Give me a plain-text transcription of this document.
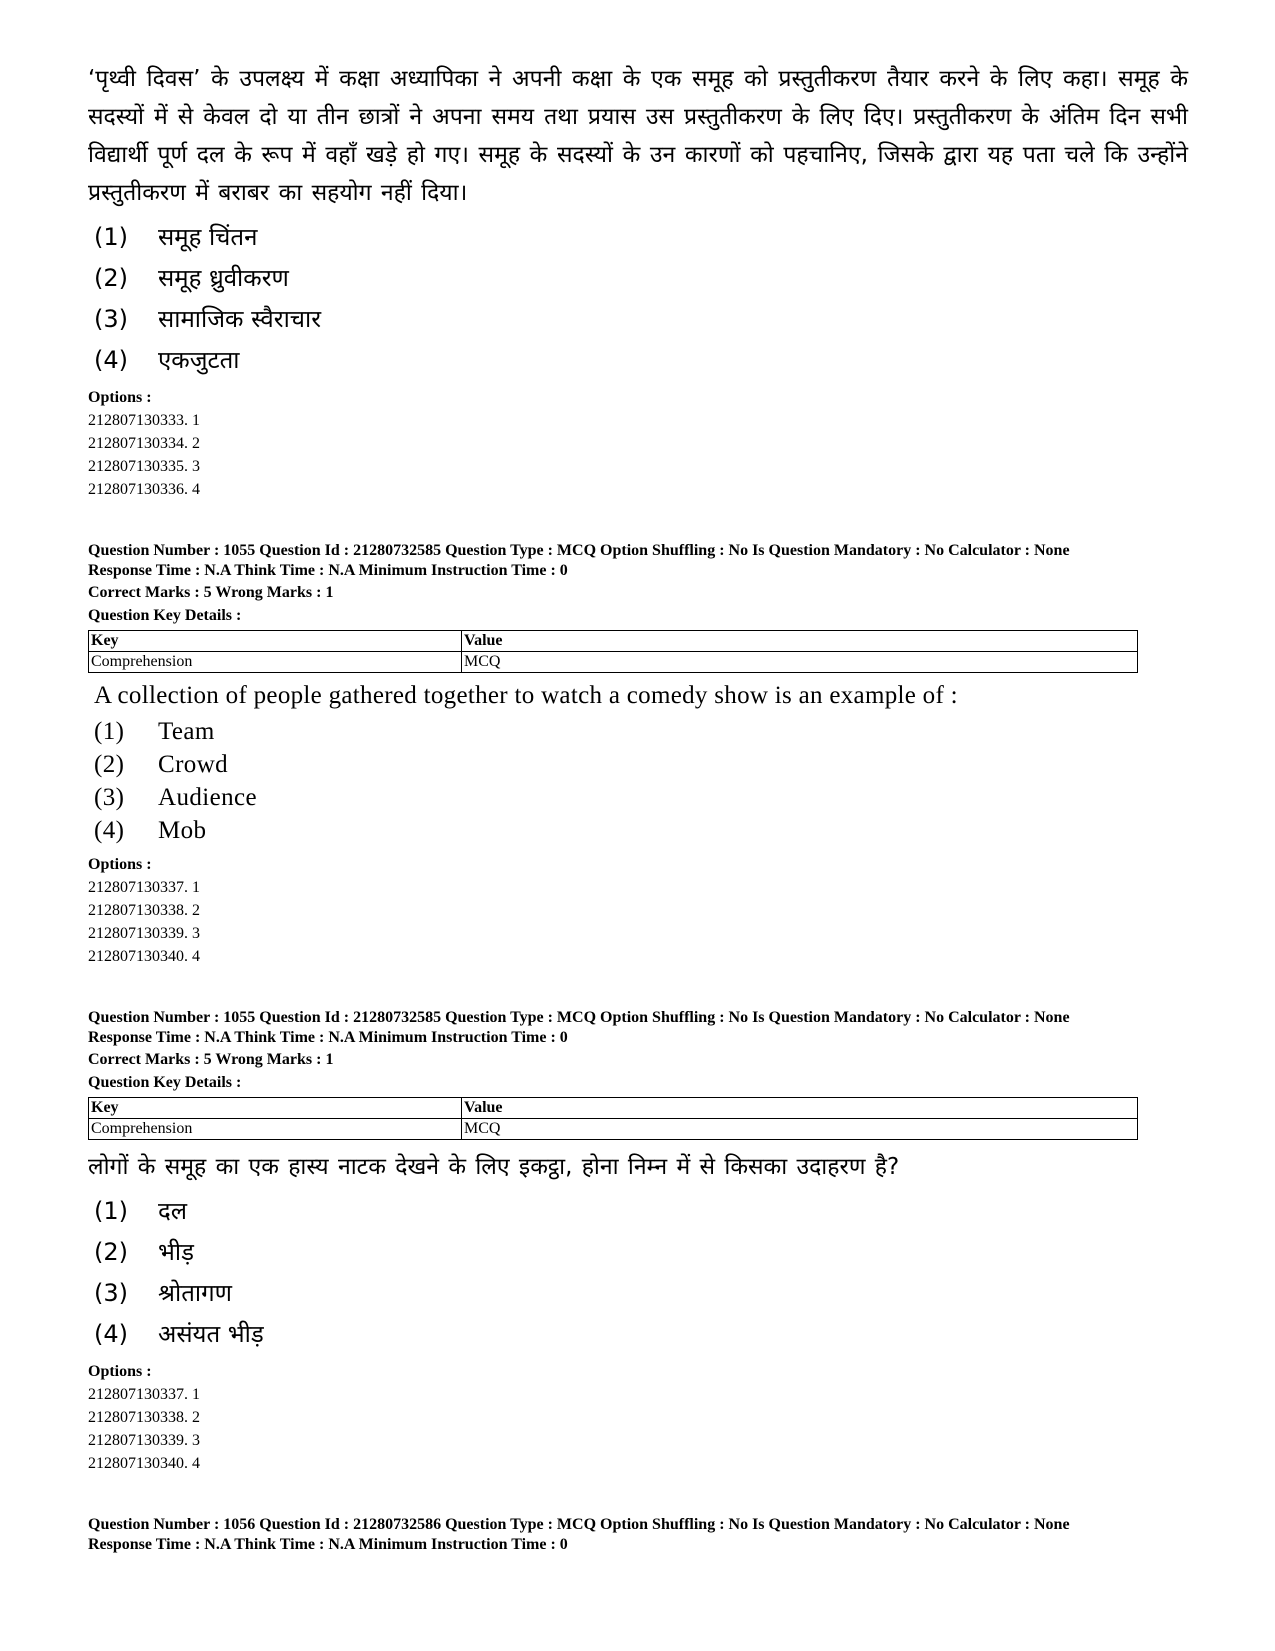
‘पृथ्वी दिवस’ के उपलक्ष्य में कक्षा अध्यापिका ने अपनी कक्षा के एक समूह को प्रस्तुतीकरण तैयार करने के लिए कहा। समूह के सदस्यों में से केवल दो या तीन छात्रों ने अपना समय तथा प्रयास उस प्रस्तुतीकरण के लिए दिए। प्रस्तुतीकरण के अंतिम दिन सभी विद्यार्थी पूर्ण दल के रूप में वहाँ खड़े हो गए। समूह के सदस्यों के उन कारणों को पहचानिए, जिसके द्वारा यह पता चले कि उन्होंने प्रस्तुतीकरण में बराबर का सहयोग नहीं दिया।

(1)	समूह चिंतन
(2)	समूह ध्रुवीकरण
(3)	सामाजिक स्वैराचार
(4)	एकजुटता
Options :
212807130333. 1
212807130334. 2
212807130335. 3
212807130336. 4
Question Number : 1055 Question Id : 21280732585 Question Type : MCQ Option Shuffling : No Is Question Mandatory : No Calculator : None
Response Time : N.A Think Time : N.A Minimum Instruction Time : 0
Correct Marks : 5 Wrong Marks : 1
Question Key Details :
Key	Value
Comprehension	MCQ
A collection of people gathered together to watch a comedy show is an example of :
(1)	Team
(2)	Crowd
(3)	Audience
(4)	Mob
Options :
212807130337. 1
212807130338. 2
212807130339. 3
212807130340. 4
Question Number : 1055 Question Id : 21280732585 Question Type : MCQ Option Shuffling : No Is Question Mandatory : No Calculator : None
Response Time : N.A Think Time : N.A Minimum Instruction Time : 0
Correct Marks : 5 Wrong Marks : 1
Question Key Details :
Key	Value
Comprehension	MCQ

लोगों के समूह का एक हास्य नाटक देखने के लिए इकट्ठा, होना निम्न में से किसका उदाहरण है?

(1)	दल
(2)	भीड़
(3)	श्रोतागण
(4)	असंयत भीड़
Options :
212807130337. 1
212807130338. 2
212807130339. 3
212807130340. 4
Question Number : 1056 Question Id : 21280732586 Question Type : MCQ Option Shuffling : No Is Question Mandatory : No Calculator : None
Response Time : N.A Think Time : N.A Minimum Instruction Time : 0
